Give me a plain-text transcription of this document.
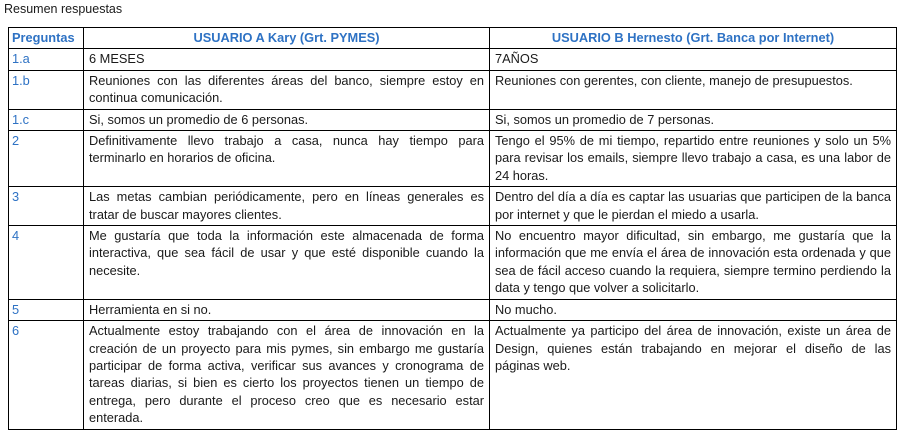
Resumen respuestas
Preguntas	USUARIO A Kary (Grt. PYMES)	USUARIO B Hernesto (Grt. Banca por Internet)
1.a	6 MESES	7AÑOS
1.b	Reuniones con las diferentes áreas del banco, siempre estoy en continua comunicación.	Reuniones con gerentes, con cliente, manejo de presupuestos.
1.c	Si, somos un promedio de 6 personas.	Si, somos un promedio de 7 personas.
2	Definitivamente llevo trabajo a casa, nunca hay tiempo para terminarlo en horarios de oficina.	Tengo el 95% de mi tiempo, repartido entre reuniones y solo un 5% para revisar los emails, siempre llevo trabajo a casa, es una labor de 24 horas.
3	Las metas cambian periódicamente, pero en líneas generales es tratar de buscar mayores clientes.	Dentro del día a día es captar las usuarias que participen de la banca por internet y que le pierdan el miedo a usarla.
4	Me gustaría que toda la información este almacenada de forma interactiva, que sea fácil de usar y que esté disponible cuando la necesite.	No encuentro mayor dificultad, sin embargo, me gustaría que la información que me envía el área de innovación esta ordenada y que sea de fácil acceso cuando la requiera, siempre termino perdiendo la data y tengo que volver a solicitarlo.
5	Herramienta en si no.	No mucho.
6	Actualmente estoy trabajando con el área de innovación en la creación de un proyecto para mis pymes, sin embargo me gustaría participar de forma activa, verificar sus avances y cronograma de tareas diarias, si bien es cierto los proyectos tienen un tiempo de entrega, pero durante el proceso creo que es necesario estar enterada.	Actualmente ya participo del área de innovación, existe un área de Design, quienes están trabajando en mejorar el diseño de las páginas web.
